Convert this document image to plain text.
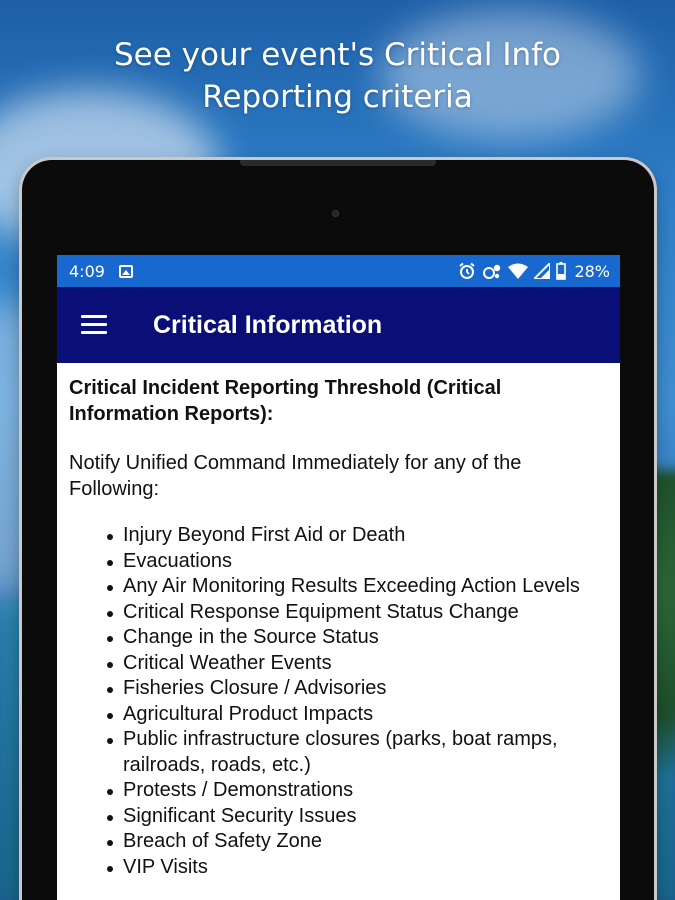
See your event's Critical Info Reporting criteria
4:09	28%
Critical Information
Critical Incident Reporting Threshold (Critical Information Reports):
Notify Unified Command Immediately for any of the Following:
Injury Beyond First Aid or Death
Evacuations
Any Air Monitoring Results Exceeding Action Levels
Critical Response Equipment Status Change
Change in the Source Status
Critical Weather Events
Fisheries Closure / Advisories
Agricultural Product Impacts
Public infrastructure closures (parks, boat ramps, railroads, roads, etc.)
Protests / Demonstrations
Significant Security Issues
Breach of Safety Zone
VIP Visits
